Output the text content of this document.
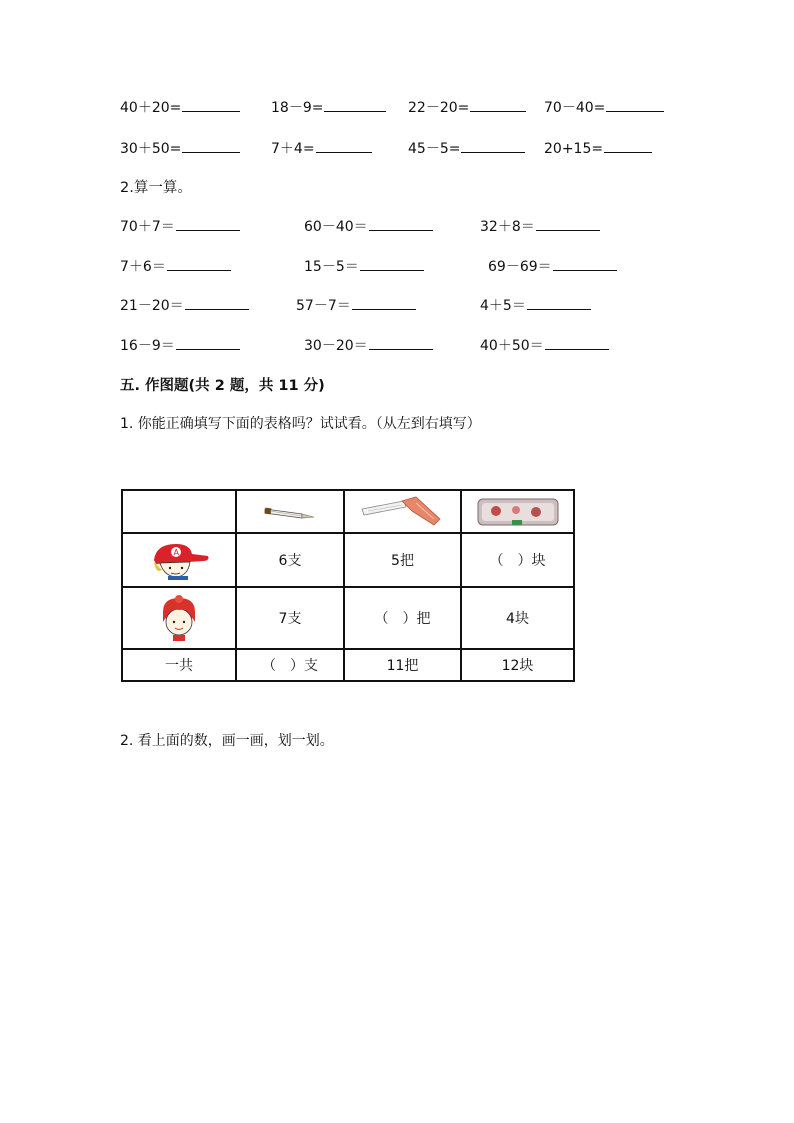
40＋20=	18－9=	22－20=	70－40=
30＋50=	7＋4=	45－5=	20+15=
2.算一算。
70＋7＝	60－40＝	32＋8＝
7＋6＝	15－5＝	69－69＝
21－20＝	57－7＝	4＋5＝
16－9＝	30－20＝	40＋50＝
五. 作图题(共 2 题，共 11 分)
1. 你能正确填写下面的表格吗？试试看。（从左到右填写）

A	6支	5把	（　）块

	7支	（　）把	4块
一共	（　）支	11把	12块
2. 看上面的数，画一画，划一划。
